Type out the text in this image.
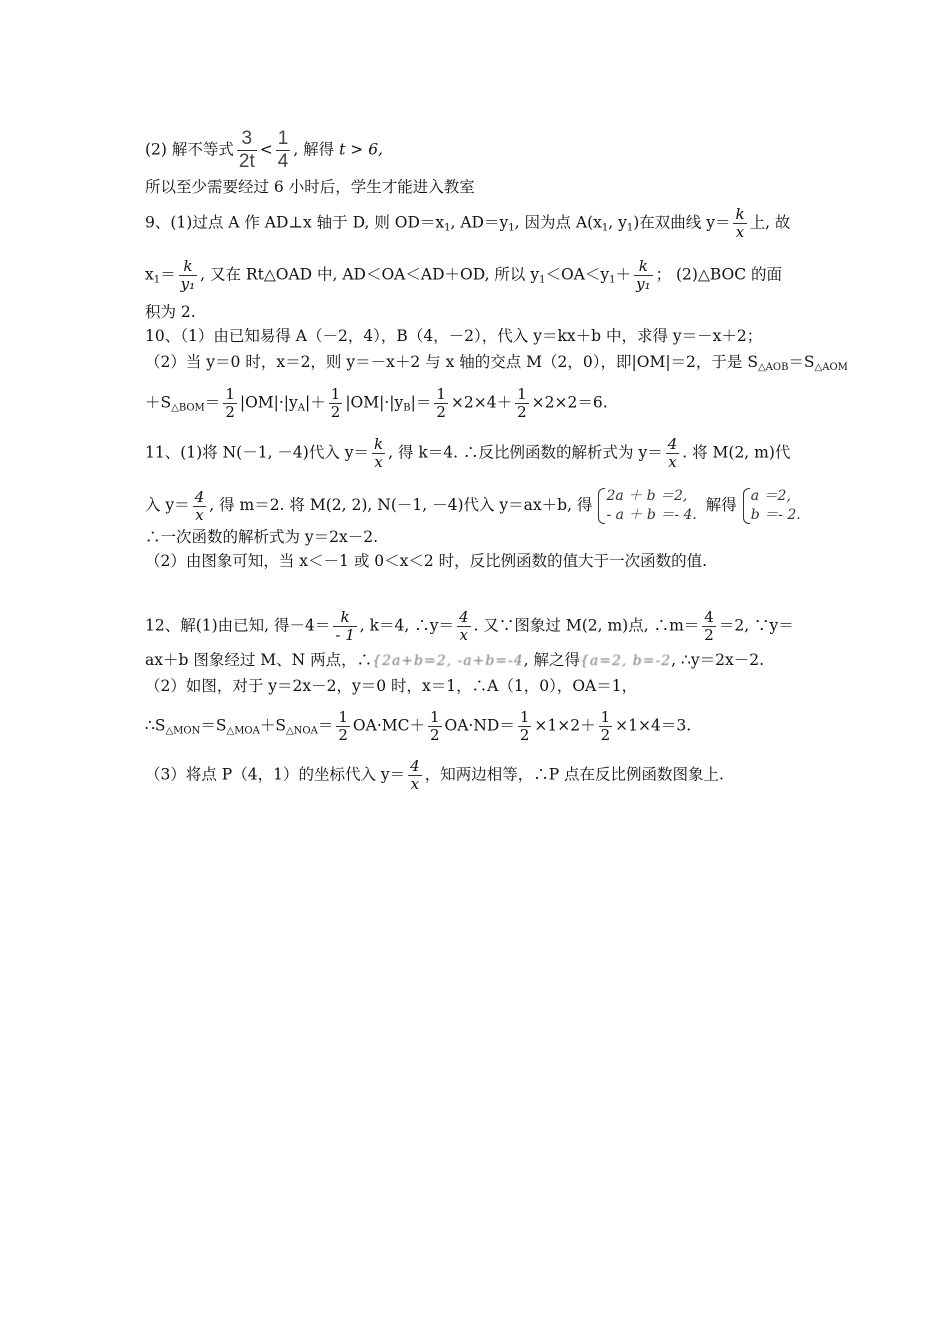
(2) 解不等式 $\frac{3}{2t} < \frac{1}{4}$ , 解得 t > 6,
所以至少需要经过 6 小时后，学生才能进入教室
9、(1)过点 A 作 AD⊥x 轴于 D, 则 $OD=x_1$, $AD=y_1$, 因为点 $A(x_1$, $y_1$)在双曲线 $y= \frac{k}{x}$ 上, 故
$x_1= \frac{k}{\text{y₁}}$ , 又在 Rt△OAD 中, AD＜OA＜AD＋OD, 所以 $y_1<OA<y_1+ \frac{k}{\text{y₁}}$ ； (2)△BOC 的面
积为 2.
10、（1）由已知易得 A（－2，4），B（4，－2），代入 y＝kx＋b 中，求得 y＝－x＋2；
（2）当 y＝0 时，x＝2，则 y＝－x＋2 与 x 轴的交点 M（2，0），即|OM|＝2，于是 $S_{\triangle AOB}=S_{\triangle AOM}$
$+S_{\triangle BOM}= \frac{1}{2} |OM|\cdot|y_A|+ \frac{1}{2} |OM|\cdot|y_B|= \frac{1}{2} \times 2\times 4+ \frac{1}{2} \times 2\times 2=6$.
11、(1)将 N(－1, －4)代入 $y= \frac{k}{x}$ , 得 k＝4. ∴反比例函数的解析式为 $y= \frac{4}{x}$ . 将 M(2, m)代
入 $y= \frac{4}{x}$ , 得 m＝2. 将 M(2, 2), N(－1, －4)代入 y＝ax＋b, 得 2a ＋ b ＝2,
- a ＋ b ＝- 4.
解得 a ＝2,
b ＝- 2.
∴一次函数的解析式为 y＝2x－2.
（2）由图象可知，当 x＜－1 或 0＜x＜2 时，反比例函数的值大于一次函数的值.
12、解(1)由已知, 得$-4= \frac{k}{- 1}$ , k＝4, ∴y＝ $\frac{4}{x}$ . 又∵图象过 M(2, m)点, ∴m＝ $\frac{4}{2} =2$, ∵y＝
ax＋b 图象经过 M、N 两点，∴{2a+b=2, -a+b=-4, 解之得{a=2, b=-2, ∴y＝2x－2.
（2）如图，对于 y＝2x－2，y＝0 时，x＝1，∴A（1，0），OA＝1，
$\therefore S_{\triangle MON}=S_{\triangle MOA}+S_{\triangle NOA}= \frac{1}{2} OA\cdot MC+ \frac{1}{2} OA\cdot ND= \frac{1}{2} \times 1\times 2+ \frac{1}{2} \times 1\times 4=3$.
（3）将点 P（4，1）的坐标代入 $y= \frac{4}{x}$ ，知两边相等，∴P 点在反比例函数图象上.
